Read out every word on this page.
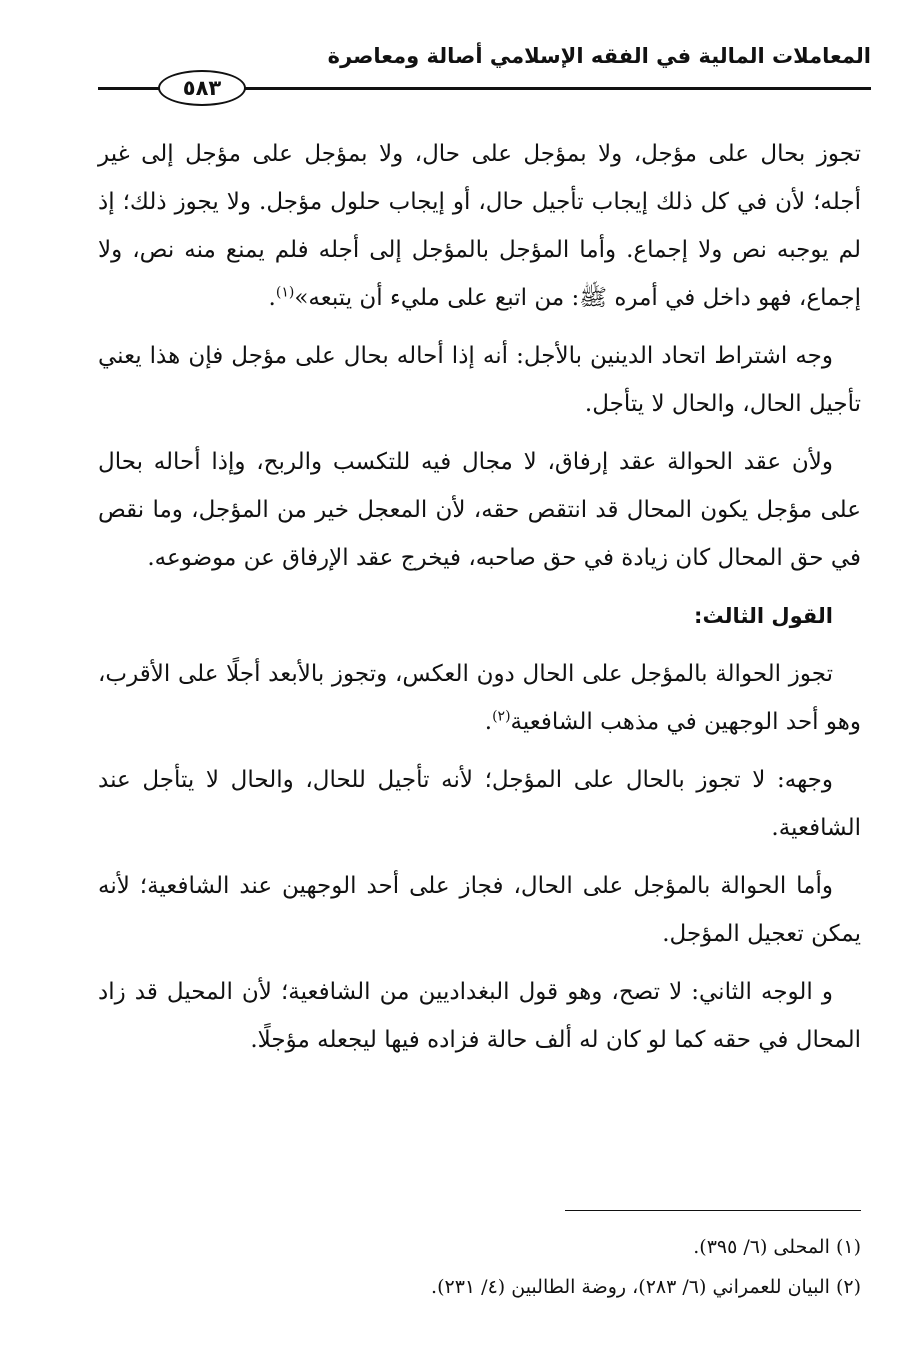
المعاملات المالية في الفقه الإسلامي أصالة ومعاصرة
٥٨٣

تجوز بحال على مؤجل، ولا بمؤجل على حال، ولا بمؤجل على مؤجل إلى غير أجله؛ لأن في كل ذلك إيجاب تأجيل حال، أو إيجاب حلول مؤجل. ولا يجوز ذلك؛ إذ لم يوجبه نص ولا إجماع. وأما المؤجل بالمؤجل إلى أجله فلم يمنع منه نص، ولا إجماع، فهو داخل في أمره ﷺ: من اتبع على مليء أن يتبعه»$^{(١)}$.

وجه اشتراط اتحاد الدينين بالأجل: أنه إذا أحاله بحال على مؤجل فإن هذا يعني تأجيل الحال، والحال لا يتأجل.

ولأن عقد الحوالة عقد إرفاق، لا مجال فيه للتكسب والربح، وإذا أحاله بحال على مؤجل يكون المحال قد انتقص حقه، لأن المعجل خير من المؤجل، وما نقص في حق المحال كان زيادة في حق صاحبه، فيخرج عقد الإرفاق عن موضوعه.

القول الثالث:

تجوز الحوالة بالمؤجل على الحال دون العكس، وتجوز بالأبعد أجلًا على الأقرب، وهو أحد الوجهين في مذهب الشافعية$^{(٢)}$.

وجهه: لا تجوز بالحال على المؤجل؛ لأنه تأجيل للحال، والحال لا يتأجل عند الشافعية.

وأما الحوالة بالمؤجل على الحال، فجاز على أحد الوجهين عند الشافعية؛ لأنه يمكن تعجيل المؤجل.

و الوجه الثاني: لا تصح، وهو قول البغداديين من الشافعية؛ لأن المحيل قد زاد المحال في حقه كما لو كان له ألف حالة فزاده فيها ليجعله مؤجلًا.

(١) المحلى (٦/ ٣٩٥).

(٢) البيان للعمراني (٦/ ٢٨٣)، روضة الطالبين (٤/ ٢٣١).
